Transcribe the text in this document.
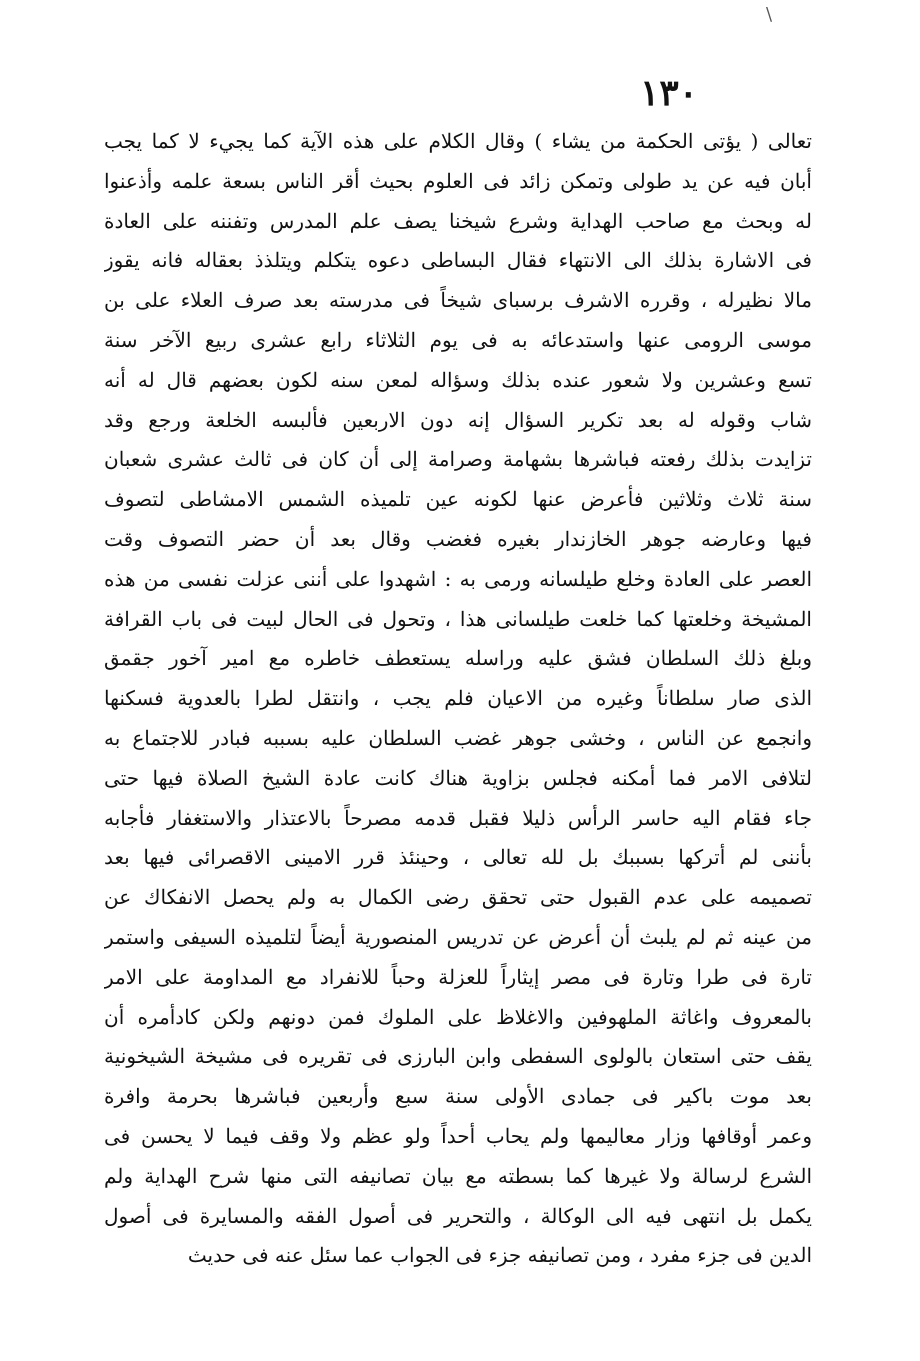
\
١٣٠
تعالى ( يؤتى الحكمة من يشاء ) وقال الكلام على هذه الآية كما يجيء لا كما يجب
أبان فيه عن يد طولى وتمكن زائد فى العلوم بحيث أقر الناس بسعة علمه وأذعنوا
له وبحث مع صاحب الهداية وشرع شيخنا يصف علم المدرس وتفننه على العادة
فى الاشارة بذلك الى الانتهاء فقال البساطى دعوه يتكلم ويتلذذ بعقاله فانه يقوز
مالا نظيرله ، وقرره الاشرف برسباى شيخاً فى مدرسته بعد صرف العلاء على بن
موسى الرومى عنها واستدعائه به فى يوم الثلاثاء رابع عشرى ربيع الآخر سنة
تسع وعشرين ولا شعور عنده بذلك وسؤاله لمعن سنه لكون بعضهم قال له أنه
شاب وقوله له بعد تكرير السؤال إنه دون الاربعين فألبسه الخلعة ورجع وقد
تزايدت بذلك رفعته فباشرها بشهامة وصرامة إلى أن كان فى ثالث عشرى شعبان
سنة ثلاث وثلاثين فأعرض عنها لكونه عين تلميذه الشمس الامشاطى لتصوف
فيها وعارضه جوهر الخازندار بغيره فغضب وقال بعد أن حضر التصوف وقت
العصر على العادة وخلع طيلسانه ورمى به : اشهدوا على أننى عزلت نفسى من هذه
المشيخة وخلعتها كما خلعت طيلسانى هذا ، وتحول فى الحال لبيت فى باب القرافة
وبلغ ذلك السلطان فشق عليه وراسله يستعطف خاطره مع امير آخور جقمق
الذى صار سلطاناً وغيره من الاعيان فلم يجب ، وانتقل لطرا بالعدوية فسكنها
وانجمع عن الناس ، وخشى جوهر غضب السلطان عليه بسببه فبادر للاجتماع به
لتلافى الامر فما أمكنه فجلس بزاوية هناك كانت عادة الشيخ الصلاة فيها حتى
جاء فقام اليه حاسر الرأس ذليلا فقبل قدمه مصرحاً بالاعتذار والاستغفار فأجابه
بأننى لم أتركها بسببك بل لله تعالى ، وحينئذ قرر الامينى الاقصرائى فيها بعد
تصميمه على عدم القبول حتى تحقق رضى الكمال به ولم يحصل الانفكاك عن
من عينه ثم لم يلبث أن أعرض عن تدريس المنصورية أيضاً لتلميذه السيفى واستمر
تارة فى طرا وتارة فى مصر إيثاراً للعزلة وحباً للانفراد مع المداومة على الامر
بالمعروف واغاثة الملهوفين والاغلاظ على الملوك فمن دونهم ولكن كادأمره أن
يقف حتى استعان بالولوى السفطى وابن البارزى فى تقريره فى مشيخة الشيخونية
بعد موت باكير فى جمادى الأولى سنة سبع وأربعين فباشرها بحرمة وافرة
وعمر أوقافها وزار معاليمها ولم يحاب أحداً ولو عظم ولا وقف فيما لا يحسن فى
الشرع لرسالة ولا غيرها كما بسطته مع بيان تصانيفه التى منها شرح الهداية ولم
يكمل بل انتهى فيه الى الوكالة ، والتحرير فى أصول الفقه والمسايرة فى أصول
الدين فى جزء مفرد ، ومن تصانيفه جزء فى الجواب عما سئل عنه فى حديث
